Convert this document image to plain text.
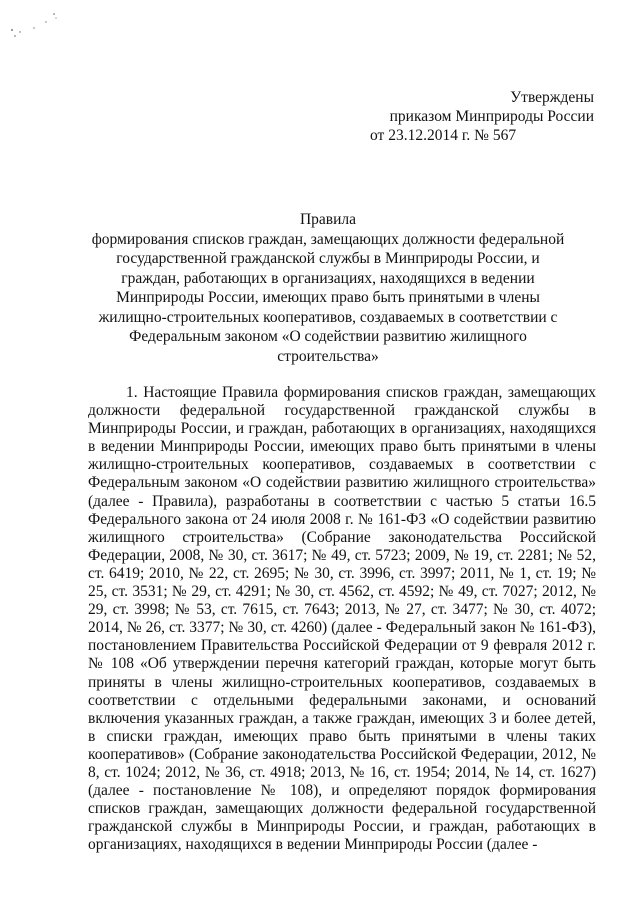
Утверждены
приказом Минприроды России
от 23.12.2014 г. № 567
Правила
формирования списков граждан, замещающих должности федеральной государственной гражданской службы в Минприроды России, и граждан, работающих в организациях, находящихся в ведении Минприроды России, имеющих право быть принятыми в члены жилищно-строительных кооперативов, создаваемых в соответствии с Федеральным законом «О содействии развитию жилищного строительства»

1. Настоящие Правила формирования списков граждан, замещающих должности федеральной государственной гражданской службы в Минприроды России, и граждан, работающих в организациях, находящихся в ведении Минприроды России, имеющих право быть принятыми в члены жилищно-строительных кооперативов, создаваемых в соответствии с Федеральным законом «О содействии развитию жилищного строительства» (далее - Правила), разработаны в соответствии с частью 5 статьи 16.5 Федерального закона от 24 июля 2008 г. № 161-ФЗ «О содействии развитию жилищного строительства» (Собрание законодательства Российской Федерации, 2008, № 30, ст. 3617; № 49, ст. 5723; 2009, № 19, ст. 2281; № 52, ст. 6419; 2010, № 22, ст. 2695; № 30, ст. 3996, ст. 3997; 2011, № 1, ст. 19; № 25, ст. 3531; № 29, ст. 4291; № 30, ст. 4562, ст. 4592; № 49, ст. 7027; 2012, № 29, ст. 3998; № 53, ст. 7615, ст. 7643; 2013, № 27, ст. 3477; № 30, ст. 4072; 2014, № 26, ст. 3377; № 30, ст. 4260) (далее - Федеральный закон № 161-ФЗ), постановлением Правительства Российской Федерации от 9 февраля 2012 г. № 108 «Об утверждении перечня категорий граждан, которые могут быть приняты в члены жилищно-строительных кооперативов, создаваемых в соответствии с отдельными федеральными законами, и оснований включения указанных граждан, а также граждан, имеющих 3 и более детей, в списки граждан, имеющих право быть принятыми в члены таких кооперативов» (Собрание законодательства Российской Федерации, 2012, № 8, ст. 1024; 2012, № 36, ст. 4918; 2013, № 16, ст. 1954; 2014, № 14, ст. 1627) (далее - постановление № 108), и определяют порядок формирования списков граждан, замещающих должности федеральной государственной гражданской службы в Минприроды России, и граждан, работающих в организациях, находящихся в ведении Минприроды России (далее -
